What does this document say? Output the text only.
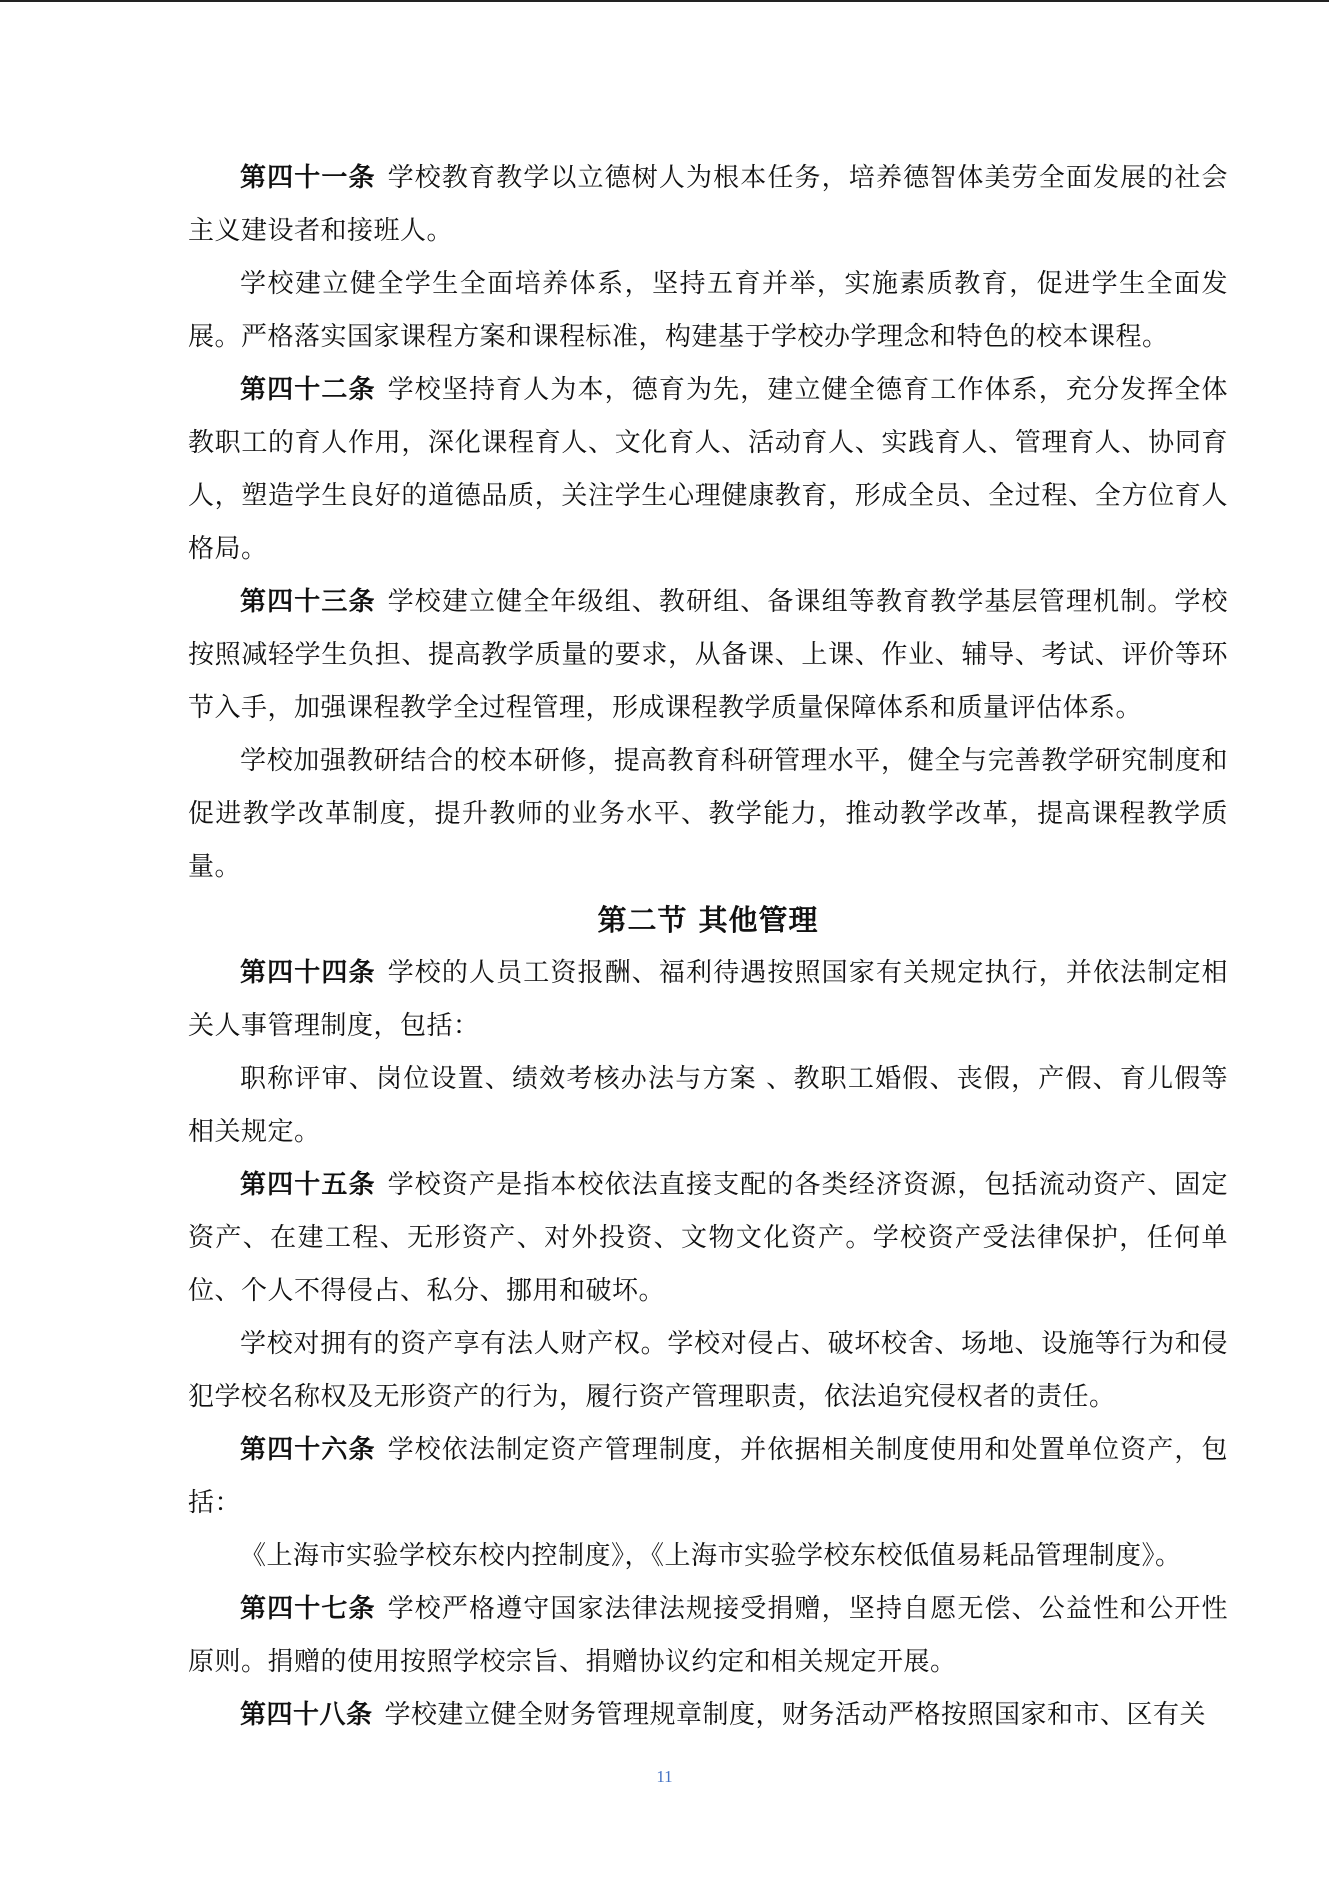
第四十一条 学校教育教学以立德树人为根本任务，培养德智体美劳全面发展的社会主义建设者和接班人。

学校建立健全学生全面培养体系，坚持五育并举，实施素质教育，促进学生全面发展。严格落实国家课程方案和课程标准，构建基于学校办学理念和特色的校本课程。

第四十二条 学校坚持育人为本，德育为先，建立健全德育工作体系，充分发挥全体教职工的育人作用，深化课程育人、文化育人、活动育人、实践育人、管理育人、协同育人，塑造学生良好的道德品质，关注学生心理健康教育，形成全员、全过程、全方位育人格局。

第四十三条 学校建立健全年级组、教研组、备课组等教育教学基层管理机制。学校按照减轻学生负担、提高教学质量的要求，从备课、上课、作业、辅导、考试、评价等环节入手，加强课程教学全过程管理，形成课程教学质量保障体系和质量评估体系。

学校加强教研结合的校本研修，提高教育科研管理水平，健全与完善教学研究制度和促进教学改革制度，提升教师的业务水平、教学能力，推动教学改革，提高课程教学质量。

第二节 其他管理

第四十四条 学校的人员工资报酬、福利待遇按照国家有关规定执行，并依法制定相关人事管理制度，包括：

职称评审、岗位设置、绩效考核办法与方案 、教职工婚假、丧假，产假、育儿假等相关规定。

第四十五条 学校资产是指本校依法直接支配的各类经济资源，包括流动资产、固定资产、在建工程、无形资产、对外投资、文物文化资产。学校资产受法律保护，任何单位、个人不得侵占、私分、挪用和破坏。

学校对拥有的资产享有法人财产权。学校对侵占、破坏校舍、场地、设施等行为和侵犯学校名称权及无形资产的行为，履行资产管理职责，依法追究侵权者的责任。

第四十六条 学校依法制定资产管理制度，并依据相关制度使用和处置单位资产，包括：

《上海市实验学校东校内控制度》，《上海市实验学校东校低值易耗品管理制度》。

第四十七条 学校严格遵守国家法律法规接受捐赠，坚持自愿无偿、公益性和公开性原则。捐赠的使用按照学校宗旨、捐赠协议约定和相关规定开展。

第四十八条 学校建立健全财务管理规章制度，财务活动严格按照国家和市、区有关

11
